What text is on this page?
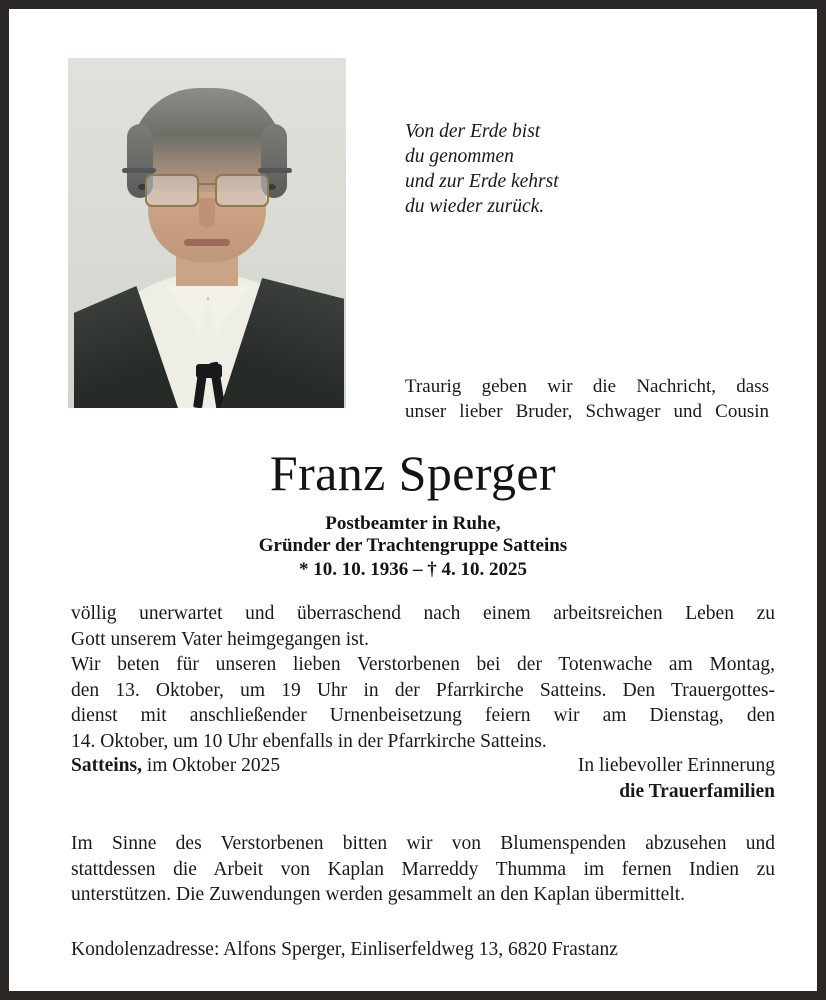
Von der Erde bist
du genommen
und zur Erde kehrst
du wieder zurück.
Traurig geben wir die Nachricht, dass
unser lieber Bruder, Schwager und Cousin
Franz Sperger
Postbeamter in Ruhe,
Gründer der Trachtengruppe Satteins
* 10. 10. 1936 – † 4. 10. 2025

völlig unerwartet und überraschend nach einem arbeitsreichen Leben zu
Gott unserem Vater heimgegangen ist.

Wir beten für unseren lieben Verstorbenen bei der Totenwache am Montag,
den 13. Oktober, um 19 Uhr in der Pfarrkirche Satteins. Den Trauergottes-
dienst mit anschließender Urnenbeisetzung feiern wir am Dienstag, den
14. Oktober, um 10 Uhr ebenfalls in der Pfarrkirche Satteins.

Satteins, im Oktober 2025	In liebevoller Erinnerung
die Trauerfamilien

Im Sinne des Verstorbenen bitten wir von Blumenspenden abzusehen und
stattdessen die Arbeit von Kaplan Marreddy Thumma im fernen Indien zu
unterstützen. Die Zuwendungen werden gesammelt an den Kaplan übermittelt.

Kondolenzadresse: Alfons Sperger, Einliserfeldweg 13, 6820 Frastanz
